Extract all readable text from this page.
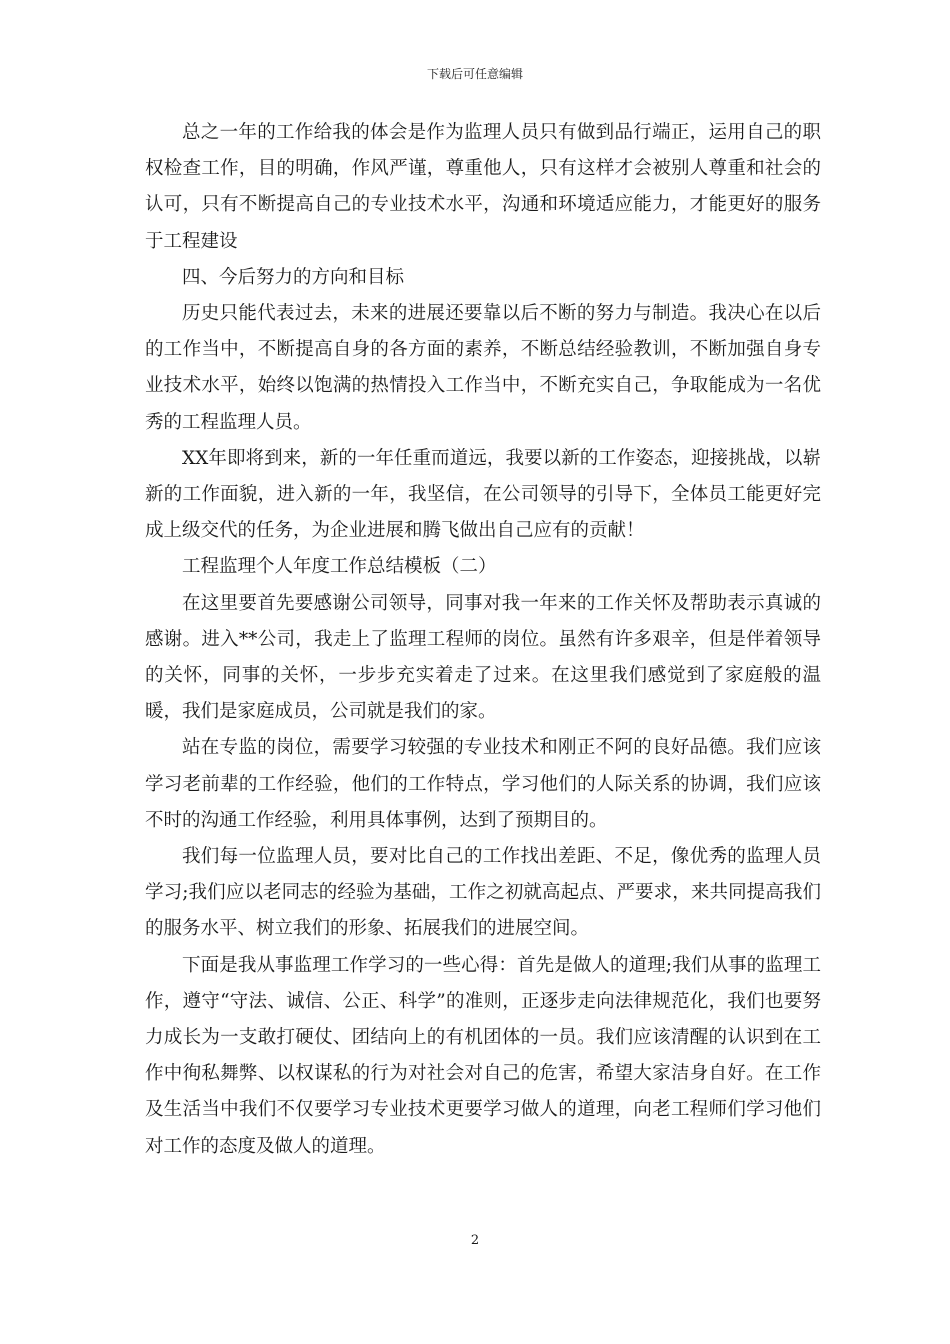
下载后可任意编辑

总之一年的工作给我的体会是作为监理人员只有做到品行端正，运用自己的职权检查工作，目的明确，作风严谨，尊重他人，只有这样才会被别人尊重和社会的认可，只有不断提高自己的专业技术水平，沟通和环境适应能力，才能更好的服务于工程建设

四、今后努力的方向和目标

历史只能代表过去，未来的进展还要靠以后不断的努力与制造。我决心在以后的工作当中，不断提高自身的各方面的素养，不断总结经验教训，不断加强自身专业技术水平，始终以饱满的热情投入工作当中，不断充实自己，争取能成为一名优秀的工程监理人员。

XX年即将到来，新的一年任重而道远，我要以新的工作姿态，迎接挑战，以崭新的工作面貌，进入新的一年，我坚信，在公司领导的引导下，全体员工能更好完成上级交代的任务，为企业进展和腾飞做出自己应有的贡献！

工程监理个人年度工作总结模板（二）

在这里要首先要感谢公司领导，同事对我一年来的工作关怀及帮助表示真诚的感谢。进入**公司，我走上了监理工程师的岗位。虽然有许多艰辛，但是伴着领导的关怀，同事的关怀，一步步充实着走了过来。在这里我们感觉到了家庭般的温暖，我们是家庭成员，公司就是我们的家。

站在专监的岗位，需要学习较强的专业技术和刚正不阿的良好品德。我们应该学习老前辈的工作经验，他们的工作特点，学习他们的人际关系的协调，我们应该不时的沟通工作经验，利用具体事例，达到了预期目的。

我们每一位监理人员，要对比自己的工作找出差距、不足，像优秀的监理人员学习;我们应以老同志的经验为基础，工作之初就高起点、严要求，来共同提高我们的服务水平、树立我们的形象、拓展我们的进展空间。

下面是我从事监理工作学习的一些心得：首先是做人的道理;我们从事的监理工作，遵守“守法、诚信、公正、科学”的准则，正逐步走向法律规范化，我们也要努力成长为一支敢打硬仗、团结向上的有机团体的一员。我们应该清醒的认识到在工作中徇私舞弊、以权谋私的行为对社会对自己的危害，希望大家洁身自好。在工作及生活当中我们不仅要学习专业技术更要学习做人的道理，向老工程师们学习他们对工作的态度及做人的道理。

2
